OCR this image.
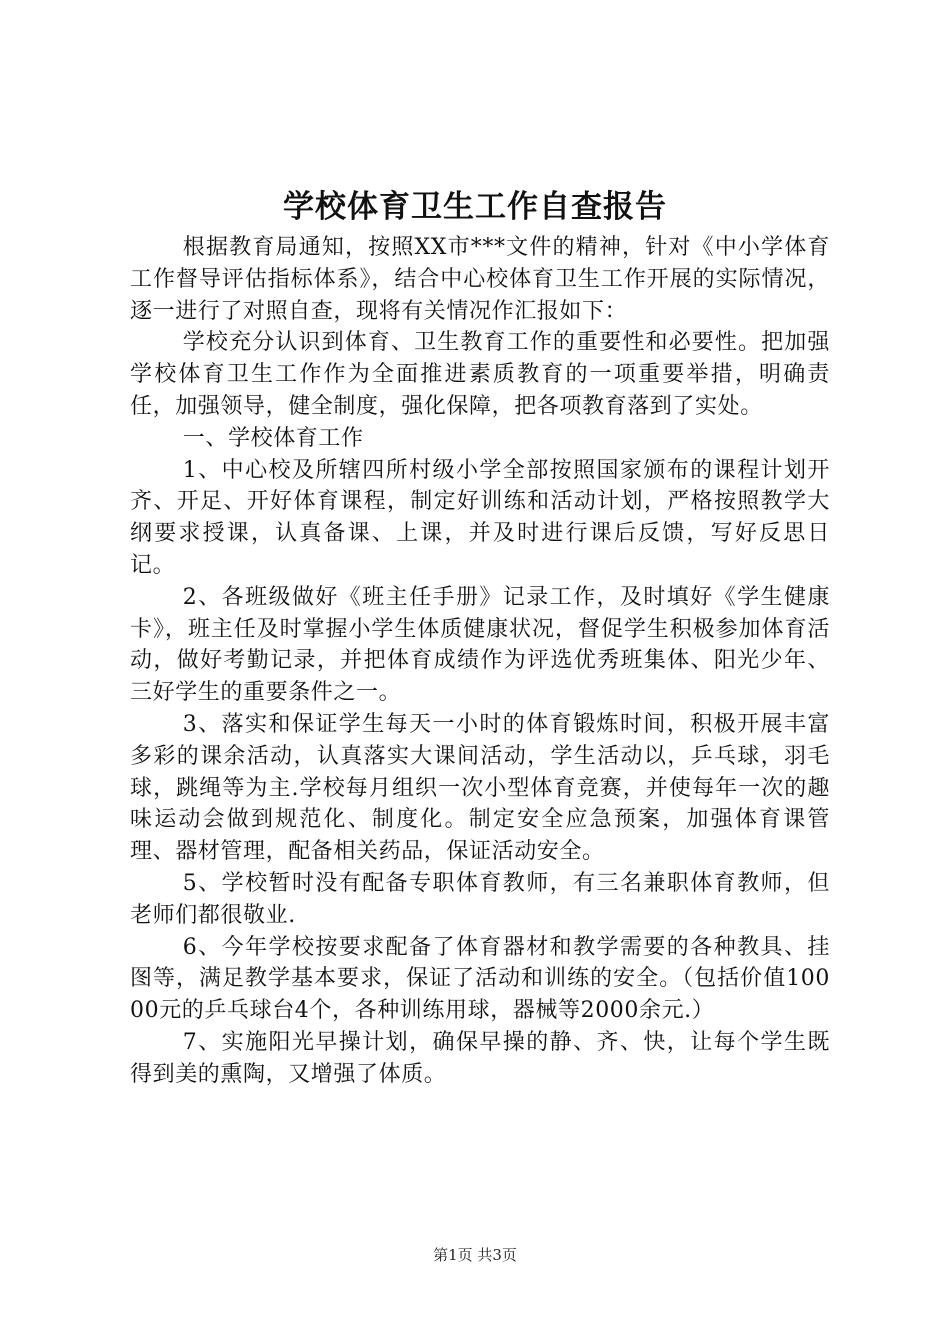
学校体育卫生工作自查报告

根据教育局通知，按照XX市***文件的精神，针对《中小学体育工作督导评估指标体系》，结合中心校体育卫生工作开展的实际情况，逐一进行了对照自查，现将有关情况作汇报如下：

学校充分认识到体育、卫生教育工作的重要性和必要性。把加强学校体育卫生工作作为全面推进素质教育的一项重要举措，明确责任，加强领导，健全制度，强化保障，把各项教育落到了实处。

一、学校体育工作

1、中心校及所辖四所村级小学全部按照国家颁布的课程计划开齐、开足、开好体育课程，制定好训练和活动计划，严格按照教学大纲要求授课，认真备课、上课，并及时进行课后反馈，写好反思日记。

2、各班级做好《班主任手册》记录工作，及时填好《学生健康卡》，班主任及时掌握小学生体质健康状况，督促学生积极参加体育活动，做好考勤记录，并把体育成绩作为评选优秀班集体、阳光少年、三好学生的重要条件之一。

3、落实和保证学生每天一小时的体育锻炼时间，积极开展丰富多彩的课余活动，认真落实大课间活动，学生活动以，乒乓球，羽毛球，跳绳等为主.学校每月组织一次小型体育竞赛，并使每年一次的趣味运动会做到规范化、制度化。制定安全应急预案，加强体育课管理、器材管理，配备相关药品，保证活动安全。

5、学校暂时没有配备专职体育教师，有三名兼职体育教师，但老师们都很敬业.

6、今年学校按要求配备了体育器材和教学需要的各种教具、挂图等，满足教学基本要求，保证了活动和训练的安全。（包括价值10000元的乒乓球台4个，各种训练用球，器械等2000余元.）

7、实施阳光早操计划，确保早操的静、齐、快，让每个学生既得到美的熏陶，又增强了体质。

第1页 共3页
